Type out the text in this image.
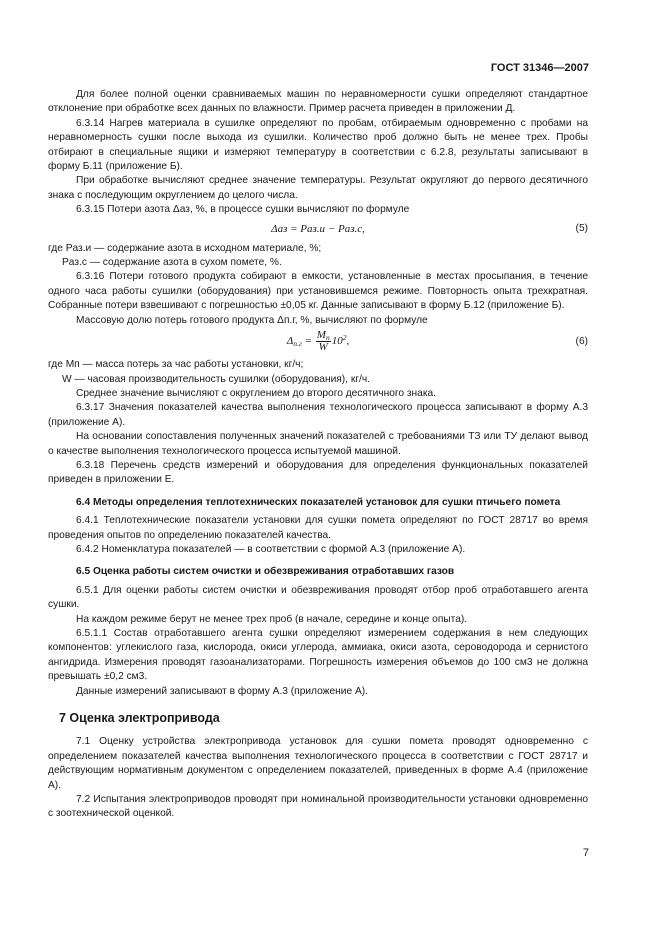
ГОСТ 31346—2007

Для более полной оценки сравниваемых машин по неравномерности сушки определяют стандартное отклонение при обработке всех данных по влажности. Пример расчета приведен в приложении Д.

6.3.14 Нагрев материала в сушилке определяют по пробам, отбираемым одновременно с пробами на неравномерность сушки после выхода из сушилки. Количество проб должно быть не менее трех. Пробы отбирают в специальные ящики и измеряют температуру в соответствии с 6.2.8, результаты записывают в форму Б.11 (приложение Б).

При обработке вычисляют среднее значение температуры. Результат округляют до первого десятичного знака с последующим округлением до целого числа.

6.3.15 Потери азота Δаз, %, в процессе сушки вычисляют по формуле

Δаз = Pаз.и − Pаз.с,	(5)

где Pаз.и — содержание азота в исходном материале, %;

Pаз.с — содержание азота в сухом помете, %.

6.3.16 Потери готового продукта собирают в емкости, установленные в местах просыпания, в течение одного часа работы сушилки (оборудования) при установившемся режиме. Повторность опыта трехкратная. Собранные потери взвешивают с погрешностью ±0,05 кг. Данные записывают в форму Б.12 (приложение Б).

Массовую долю потерь готового продукта Δп.г, %, вычисляют по формуле

$\Delta_{п.г} = \frac{M_п}{W} 10^2$,	(6)

где Mп — масса потерь за час работы установки, кг/ч;

W — часовая производительность сушилки (оборудования), кг/ч.

Среднее значение вычисляют с округлением до второго десятичного знака.

6.3.17 Значения показателей качества выполнения технологического процесса записывают в форму А.3 (приложение А).

На основании сопоставления полученных значений показателей с требованиями ТЗ или ТУ делают вывод о качестве выполнения технологического процесса испытуемой машиной.

6.3.18 Перечень средств измерений и оборудования для определения функциональных показателей приведен в приложении Е.

6.4 Методы определения теплотехнических показателей установок для сушки птичьего помета

6.4.1 Теплотехнические показатели установки для сушки помета определяют по ГОСТ 28717 во время проведения опытов по определению показателей качества.

6.4.2 Номенклатура показателей — в соответствии с формой А.3 (приложение А).

6.5 Оценка работы систем очистки и обезвреживания отработавших газов

6.5.1 Для оценки работы систем очистки и обезвреживания проводят отбор проб отработавшего агента сушки.

На каждом режиме берут не менее трех проб (в начале, середине и конце опыта).

6.5.1.1 Состав отработавшего агента сушки определяют измерением содержания в нем следующих компонентов: углекислого газа, кислорода, окиси углерода, аммиака, окиси азота, сероводорода и сернистого ангидрида. Измерения проводят газоанализаторами. Погрешность измерения объемов до 100 см3 не должна превышать ±0,2 см3.

Данные измерений записывают в форму А.3 (приложение А).

7 Оценка электропривода

7.1 Оценку устройства электропривода установок для сушки помета проводят одновременно с определением показателей качества выполнения технологического процесса в соответствии с ГОСТ 28717 и действующим нормативным документом с определением показателей, приведенных в форме А.4 (приложение А).

7.2 Испытания электроприводов проводят при номинальной производительности установки одновременно с зоотехнической оценкой.

7
